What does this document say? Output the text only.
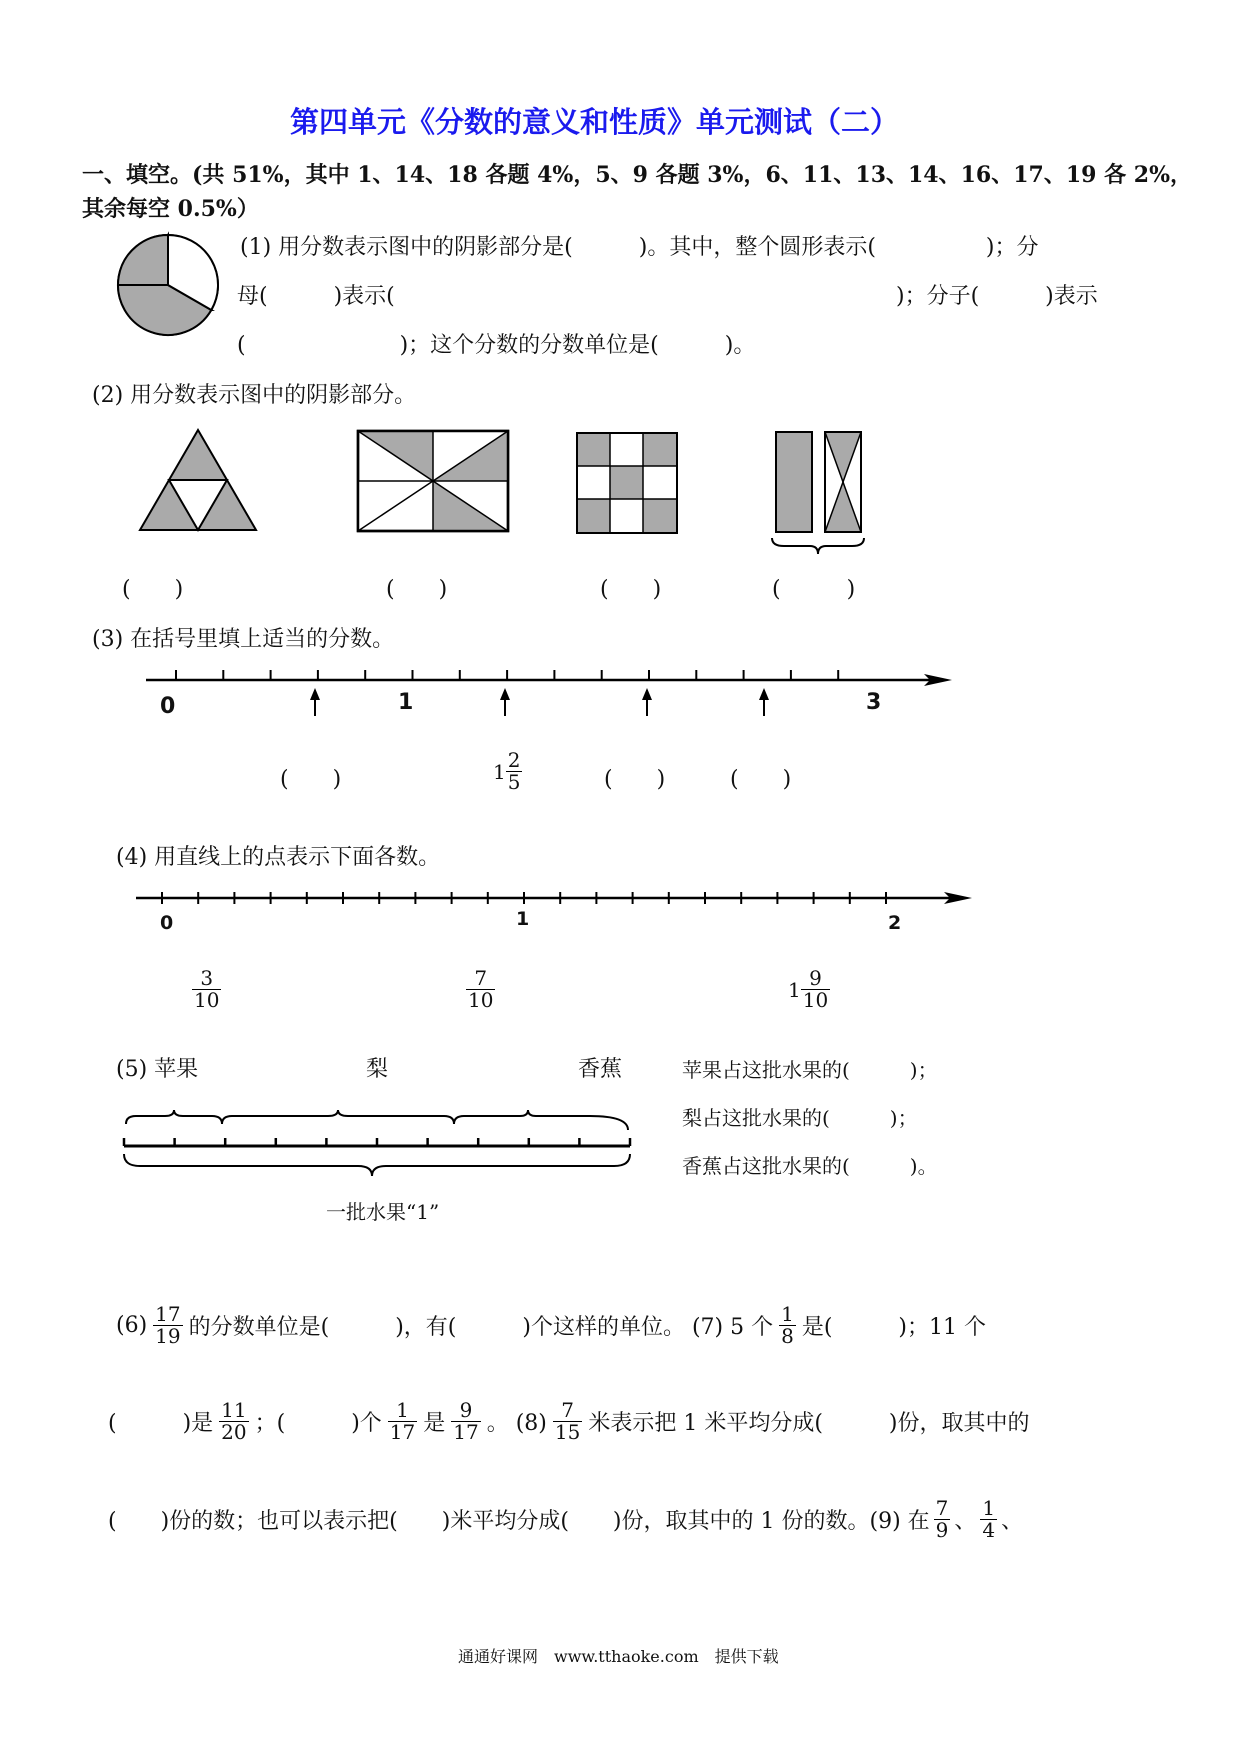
第四单元《分数的意义和性质》单元测试（二）
一、填空。(共 51%，其中 1、14、18 各题 4%，5、9 各题 3%，6、11、13、14、16、17、19 各 2%，
其余每空 0.5%）
(1) 用分数表示图中的阴影部分是(　　　)。其中，整个圆形表示(　　　　　)；分
母(　　　)表示(	)；分子(　　　)表示
(　　　　　　　)；这个分数的分数单位是(　　　)。
(2) 用分数表示图中的阴影部分。
(　　)	(　　)	(　　)	(　　　)
(3) 在括号里填上适当的分数。
0	1	3
(　　)	$1 \frac{2}{5}$	(　　)	(　　)
(4) 用直线上的点表示下面各数。
0	1	2
$\frac{3}{10}$	$\frac{7}{10}$	$1 \frac{9}{10}$
(5) 苹果	梨	香蕉
一批水果“1”
苹果占这批水果的(　　　)；
梨占这批水果的(　　　)；
香蕉占这批水果的(　　　)。
$(6) \frac{17}{19}$ 的分数单位是(　　　)，有(　　　)个这样的单位。 (7) 5 个 $\frac{1}{8}$ 是(　　　)；11 个
(　　　)是 $\frac{11}{20}$ ；(　　　)个 $\frac{1}{17}$ 是 $\frac{9}{17}$ 。 $(8) \frac{7}{15}$ 米表示把 1 米平均分成(　　　)份，取其中的
(　　)份的数；也可以表示把(　　)米平均分成(　　)份，取其中的 1 份的数。(9) 在 $\frac{7}{9}$ 、 $\frac{1}{4}$ 、
通通好课网　www.tthaoke.com　提供下载
